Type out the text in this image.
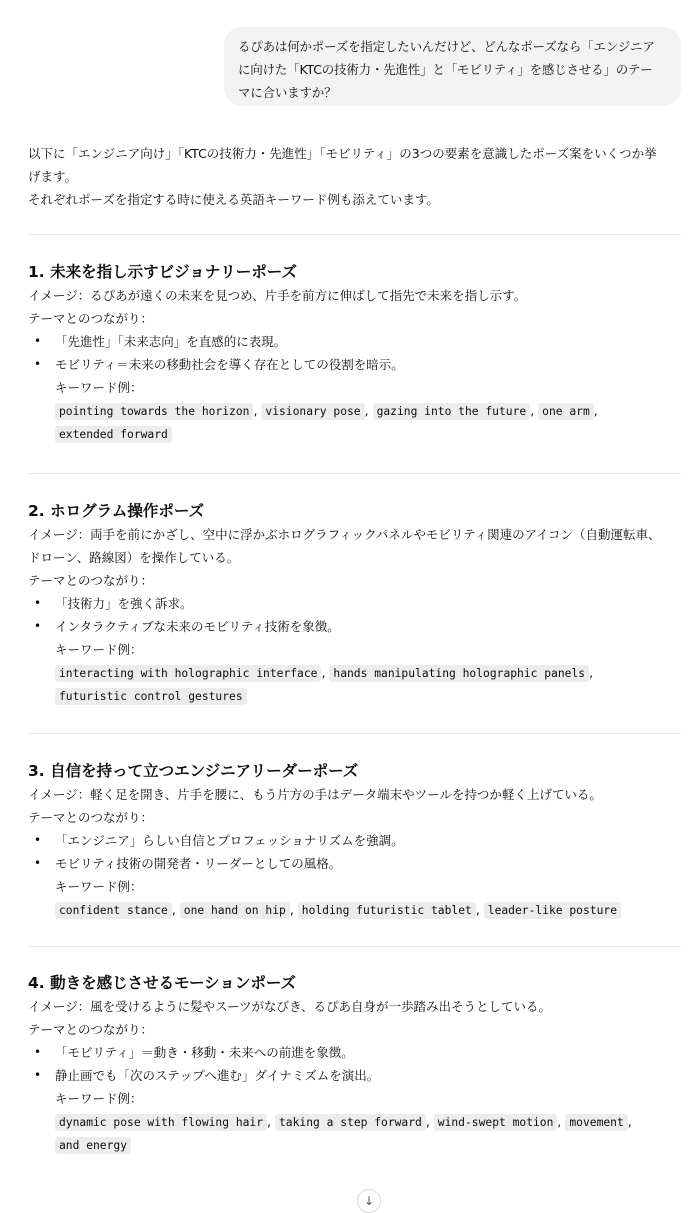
るぴあは何かポーズを指定したいんだけど、どんなポーズなら「エンジニア
に向けた「KTCの技術力・先進性」と「モビリティ」を感じさせる」のテー
マに合いますか？

以下に「エンジニア向け」「KTCの技術力・先進性」「モビリティ」の3つの要素を意識したポーズ案をいくつか挙

げます。

それぞれポーズを指定する時に使える英語キーワード例も添えています。

1. 未来を指し示すビジョナリーポーズ
イメージ：るぴあが遠くの未来を見つめ、片手を前方に伸ばして指先で未来を指し示す。
テーマとのつながり：
• 「先進性」「未来志向」を直感的に表現。
• モビリティ＝未来の移動社会を導く存在としての役割を暗示。
キーワード例：
pointing towards the horizon , visionary pose , gazing into the future , one arm ,
extended forward
2. ホログラム操作ポーズ
イメージ：両手を前にかざし、空中に浮かぶホログラフィックパネルやモビリティ関連のアイコン（自動運転車、
ドローン、路線図）を操作している。
テーマとのつながり：
• 「技術力」を強く訴求。
• インタラクティブな未来のモビリティ技術を象徴。
キーワード例：
interacting with holographic interface , hands manipulating holographic panels ,
futuristic control gestures
3. 自信を持って立つエンジニアリーダーポーズ
イメージ：軽く足を開き、片手を腰に、もう片方の手はデータ端末やツールを持つか軽く上げている。
テーマとのつながり：
• 「エンジニア」らしい自信とプロフェッショナリズムを強調。
• モビリティ技術の開発者・リーダーとしての風格。
キーワード例：
confident stance , one hand on hip , holding futuristic tablet , leader-like posture
4. 動きを感じさせるモーションポーズ
イメージ：風を受けるように髪やスーツがなびき、るぴあ自身が一歩踏み出そうとしている。
テーマとのつながり：
• 「モビリティ」＝動き・移動・未来への前進を象徴。
• 静止画でも「次のステップへ進む」ダイナミズムを演出。
キーワード例：
dynamic pose with flowing hair , taking a step forward , wind-swept motion , movement ,
and energy
↓
